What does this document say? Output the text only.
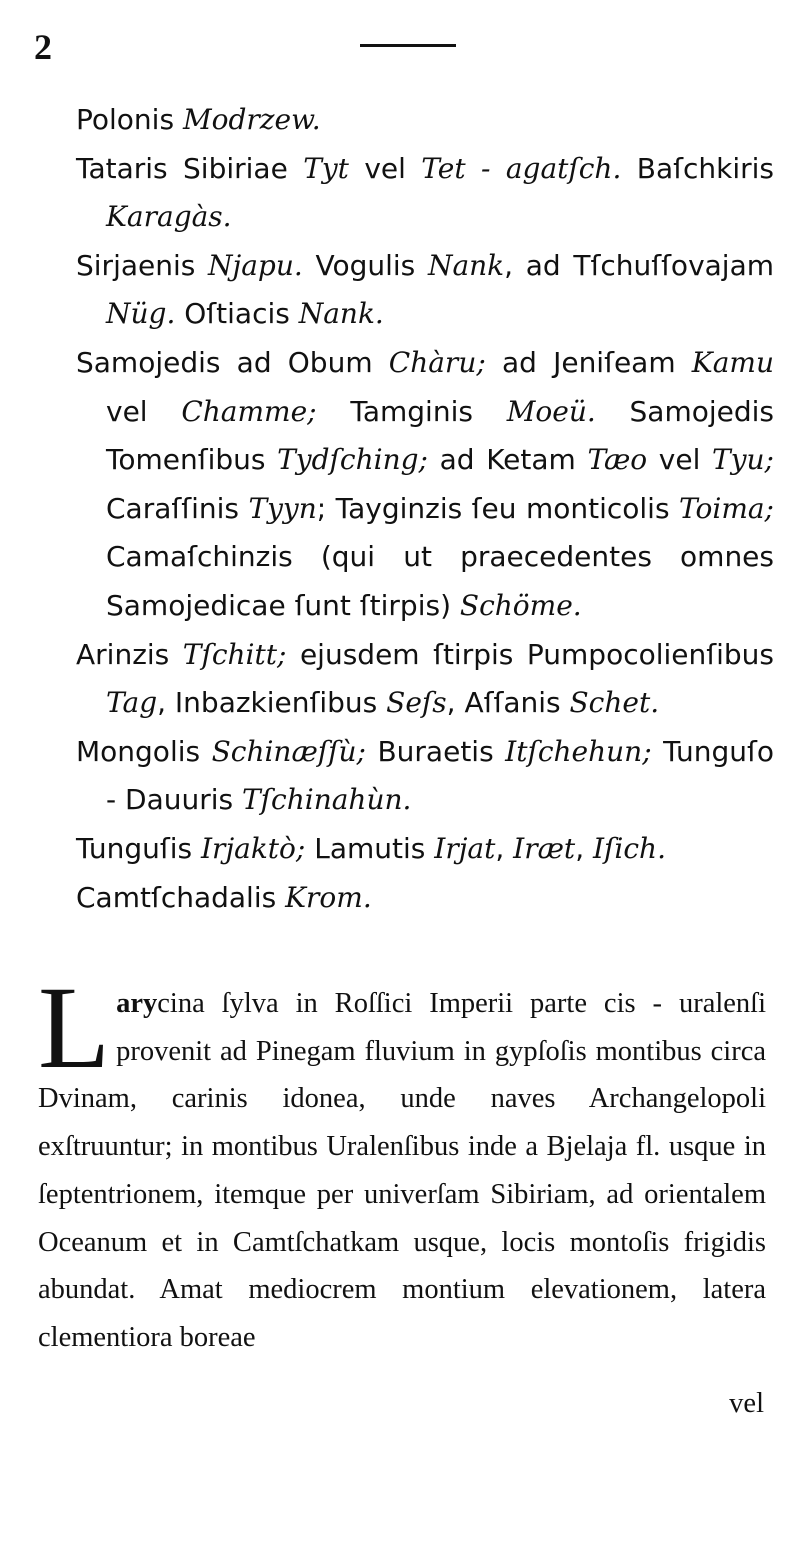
2

Polonis Modrzew.

Tataris Sibiriae Tyt vel Tet - agatſch. Baſchkiris Karagàs.

Sirjaenis Njapu. Vogulis Nank, ad Tſchuſſovajam Nüg. Oſtiacis Nank.

Samojedis ad Obum Chàru; ad Jeniſeam Kamu vel Chamme; Tamginis Moeü. Samojedis Tomenſibus Tydſching; ad Ketam Tæo vel Tyu; Caraſſinis Tyyn; Tayginzis ſeu monticolis Toima; Camaſchinzis (qui ut praecedentes omnes Samojedicae ſunt ſtirpis) Schöme.

Arinzis Tſchitt; ejusdem ſtirpis Pumpocolienſibus Tag, Inbazkienſibus Seſs, Aſſanis Schet.

Mongolis Schinæſſù; Buraetis Itſchehun; Tunguſo - Dauuris Tſchinahùn.

Tunguſis Irjaktò; Lamutis Irjat, Iræt, Iſich.

Camtſchadalis Krom.

Larycina ſylva in Roſſici Imperii parte cis - uralenſi provenit ad Pinegam fluvium in gypſoſis montibus circa Dvinam, carinis idonea, unde naves Archangelopoli exſtruuntur; in montibus Uralenſibus inde a Bjelaja fl. usque in ſeptentrionem, itemque per univerſam Sibiriam, ad orientalem Oceanum et in Camtſchatkam usque, locis montoſis frigidis abundat. Amat mediocrem montium elevationem, latera clementiora boreae
vel
